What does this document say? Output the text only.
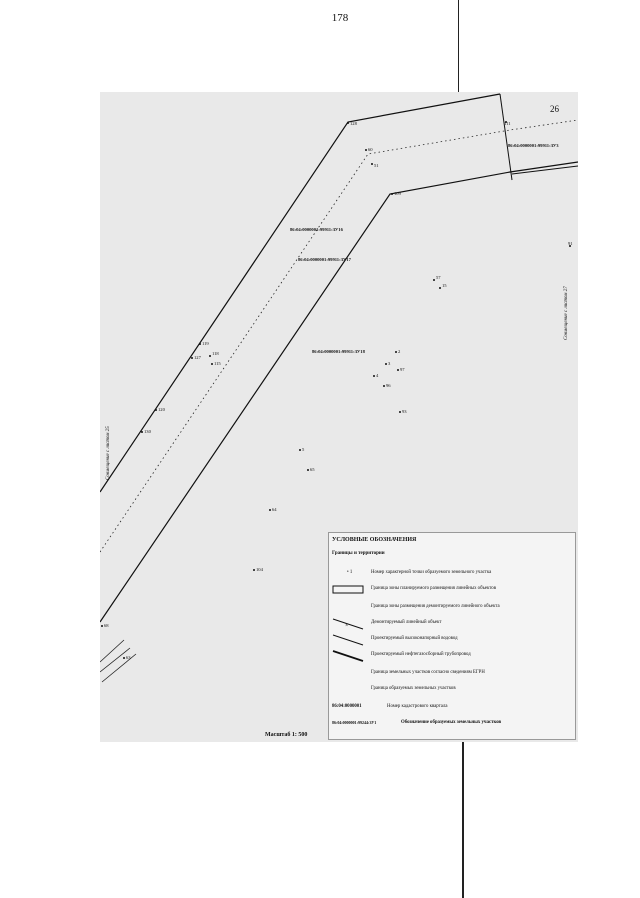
178
26
86:04:0000001:99911:ЗУ3
86:04:0000001:99911:ЗУ16
86:04:0000001:99911:ЗУ17
86:04:0000001:99911:ЗУ18
128
60
51
111
109
57
15
119
127
118
115
2
3
97
4
96
93
120
130
5
65
64
104
68
63
91
Совмещение с листом 27
Совмещение с листом 25
Масштаб 1: 500
УСЛОВНЫЕ ОБОЗНАЧЕНИЯ
Границы и территории
• 1	Номер характерной точки образуемого земельного участка
Граница зоны планируемого размещения линейных объектов
Граница зоны размещения демонтируемого линейного объекта
×
Демонтируемый линейный объект
Проектируемый высоконапорный водовод
Проектируемый нефтегазосборный трубопровод
Граница земельных участков согласно сведениям ЕГРН
Граница образуемых земельных участков
86:04:0000001	Номер кадастрового квартала
86:04:0000001:99244:ЗУ1	Обозначение образуемых земельных участков
